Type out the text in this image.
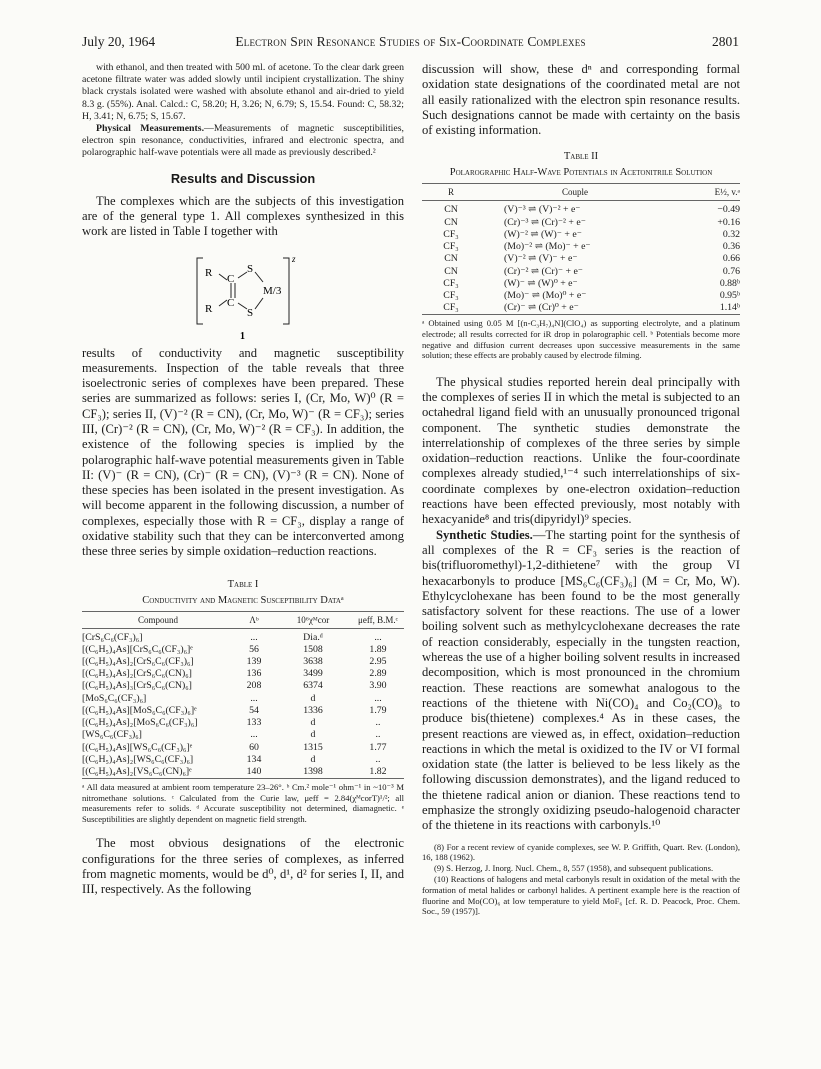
July 20, 1964	Electron Spin Resonance Studies of Six-Coordinate Complexes	2801

with ethanol, and then treated with 500 ml. of acetone. To the clear dark green acetone filtrate water was added slowly until incipient crystallization. The shiny black crystals isolated were washed with absolute ethanol and air-dried to yield 8.3 g. (55%). Anal. Calcd.: C, 58.20; H, 3.26; N, 6.79; S, 15.54. Found: C, 58.32; H, 3.41; N, 6.75; S, 15.67.

Physical Measurements.—Measurements of magnetic susceptibilities, electron spin resonance, conductivities, infrared and electronic spectra, and polarographic half-wave potentials were all made as previously described.²

Results and Discussion

The complexes which are the subjects of this investigation are of the general type 1. All complexes synthesized in this work are listed in Table I together with

R
R
C
C
S
S
M/3
z
1

results of conductivity and magnetic susceptibility measurements. Inspection of the table reveals that three isoelectronic series of complexes have been prepared. These series are summarized as follows: series I, (Cr, Mo, W)⁰ (R = CF₃); series II, (V)⁻² (R = CN), (Cr, Mo, W)⁻ (R = CF₃); series III, (Cr)⁻² (R = CN), (Cr, Mo, W)⁻² (R = CF₃). In addition, the existence of the following species is implied by the polarographic half-wave potential measurements given in Table II: (V)⁻ (R = CN), (Cr)⁻ (R = CN), (V)⁻³ (R = CN). None of these species has been isolated in the present investigation. As will become apparent in the following discussion, a number of complexes, especially those with R = CF₃, display a range of oxidative stability such that they can be interconverted among these three series by simple oxidation–reduction reactions.

Table I

Conductivity and Magnetic Susceptibility Dataᵃ

Compound	Λᵇ	10⁶χᴹcor	μeff, B.M.ᶜ

[CrS₆C₆(CF₃)₆]	...	Dia.ᵈ	...
[(C₆H₅)₄As][CrS₆C₆(CF₃)₆]ᵉ	56	1508	1.89
[(C₆H₅)₄As]₂[CrS₆C₆(CF₃)₆]	139	3638	2.95
[(C₆H₅)₄As]₂[CrS₆C₆(CN)₆]	136	3499	2.89
[(C₆H₅)₄As]₃[CrS₆C₆(CN)₆]	208	6374	3.90
[MoS₆C₆(CF₃)₆]	...	d	...
[(C₆H₅)₄As][MoS₆C₆(CF₃)₆]ᵉ	54	1336	1.79
[(C₆H₅)₄As]₂[MoS₆C₆(CF₃)₆]	133	d	..
[WS₆C₆(CF₃)₆]	...	d	..
[(C₆H₅)₄As][WS₆C₆(CF₃)₆]ᵉ	60	1315	1.77
[(C₆H₅)₄As]₂[WS₆C₆(CF₃)₆]	134	d	..
[(C₆H₅)₄As]₂[VS₆C₆(CN)₆]ᵉ	140	1398	1.82

ᵃ All data measured at ambient room temperature 23–26°. ᵇ Cm.² mole⁻¹ ohm⁻¹ in ~10⁻³ M nitromethane solutions. ᶜ Calculated from the Curie law, μeff = 2.84(χᴹcorT)¹/²; all measurements refer to solids. ᵈ Accurate susceptibility not determined, diamagnetic. ᵉ Susceptibilities are slightly dependent on magnetic field strength.

The most obvious designations of the electronic configurations for the three series of complexes, as inferred from magnetic moments, would be d⁰, d¹, d² for series I, II, and III, respectively. As the following

discussion will show, these dⁿ and corresponding formal oxidation state designations of the coordinated metal are not all easily rationalized with the electron spin resonance results. Such designations cannot be made with certainty on the basis of existing information.

Table II

Polarographic Half-Wave Potentials in Acetonitrile Solution

R	Couple	E½, v.ᵃ

CN	(V)⁻³ ⇌ (V)⁻² + e⁻	−0.49
CN	(Cr)⁻³ ⇌ (Cr)⁻² + e⁻	+0.16
CF₃	(W)⁻² ⇌ (W)⁻ + e⁻	0.32
CF₃	(Mo)⁻² ⇌ (Mo)⁻ + e⁻	0.36
CN	(V)⁻² ⇌ (V)⁻ + e⁻	0.66
CN	(Cr)⁻² ⇌ (Cr)⁻ + e⁻	0.76
CF₃	(W)⁻ ⇌ (W)⁰ + e⁻	0.88ᵇ
CF₃	(Mo)⁻ ⇌ (Mo)⁰ + e⁻	0.95ᵇ
CF₃	(Cr)⁻ ⇌ (Cr)⁰ + e⁻	1.14ᵇ

ᵃ Obtained using 0.05 M [(n-C₃H₇)₄N](ClO₄) as supporting electrolyte, and a platinum electrode; all results corrected for iR drop in polarographic cell. ᵇ Potentials become more negative and diffusion current decreases upon successive measurements in the same solution; these effects are probably caused by electrode filming.

The physical studies reported herein deal principally with the complexes of series II in which the metal is subjected to an octahedral ligand field with an unusually pronounced trigonal component. The synthetic studies demonstrate the interrelationship of complexes of the three series by simple oxidation–reduction reactions. Unlike the four-coordinate complexes already studied,¹⁻⁴ such interrelationships of six-coordinate complexes by one-electron oxidation–reduction reactions have been effected previously, most notably with hexacyanide⁸ and tris(dipyridyl)⁹ species.

Synthetic Studies.—The starting point for the synthesis of all complexes of the R = CF₃ series is the reaction of bis(trifluoromethyl)-1,2-dithietene⁷ with the group VI hexacarbonyls to produce [MS₆C₆(CF₃)₆] (M = Cr, Mo, W). Ethylcyclohexane has been found to be the most generally satisfactory solvent for these reactions. The use of a lower boiling solvent such as methylcyclohexane decreases the rate of reaction considerably, especially in the tungsten reaction, whereas the use of a higher boiling solvent results in increased decomposition, which is most pronounced in the chromium reaction. These reactions are somewhat analogous to the reactions of the thietene with Ni(CO)₄ and Co₂(CO)₈ to produce bis(thietene) complexes.⁴ As in these cases, the present reactions are viewed as, in effect, oxidation–reduction reactions in which the metal is oxidized to the IV or VI formal oxidation state (the latter is believed to be less likely as the following discussion demonstrates), and the ligand reduced to the thietene radical anion or dianion. These reactions tend to emphasize the strongly oxidizing pseudo-halogenoid character of the thietene in its reactions with carbonyls.¹⁰

(8) For a recent review of cyanide complexes, see W. P. Griffith, Quart. Rev. (London), 16, 188 (1962).

(9) S. Herzog, J. Inorg. Nucl. Chem., 8, 557 (1958), and subsequent publications.

(10) Reactions of halogens and metal carbonyls result in oxidation of the metal with the formation of metal halides or carbonyl halides. A pertinent example here is the reaction of fluorine and Mo(CO)₆ at low temperature to yield MoF₆ [cf. R. D. Peacock, Proc. Chem. Soc., 59 (1957)].
